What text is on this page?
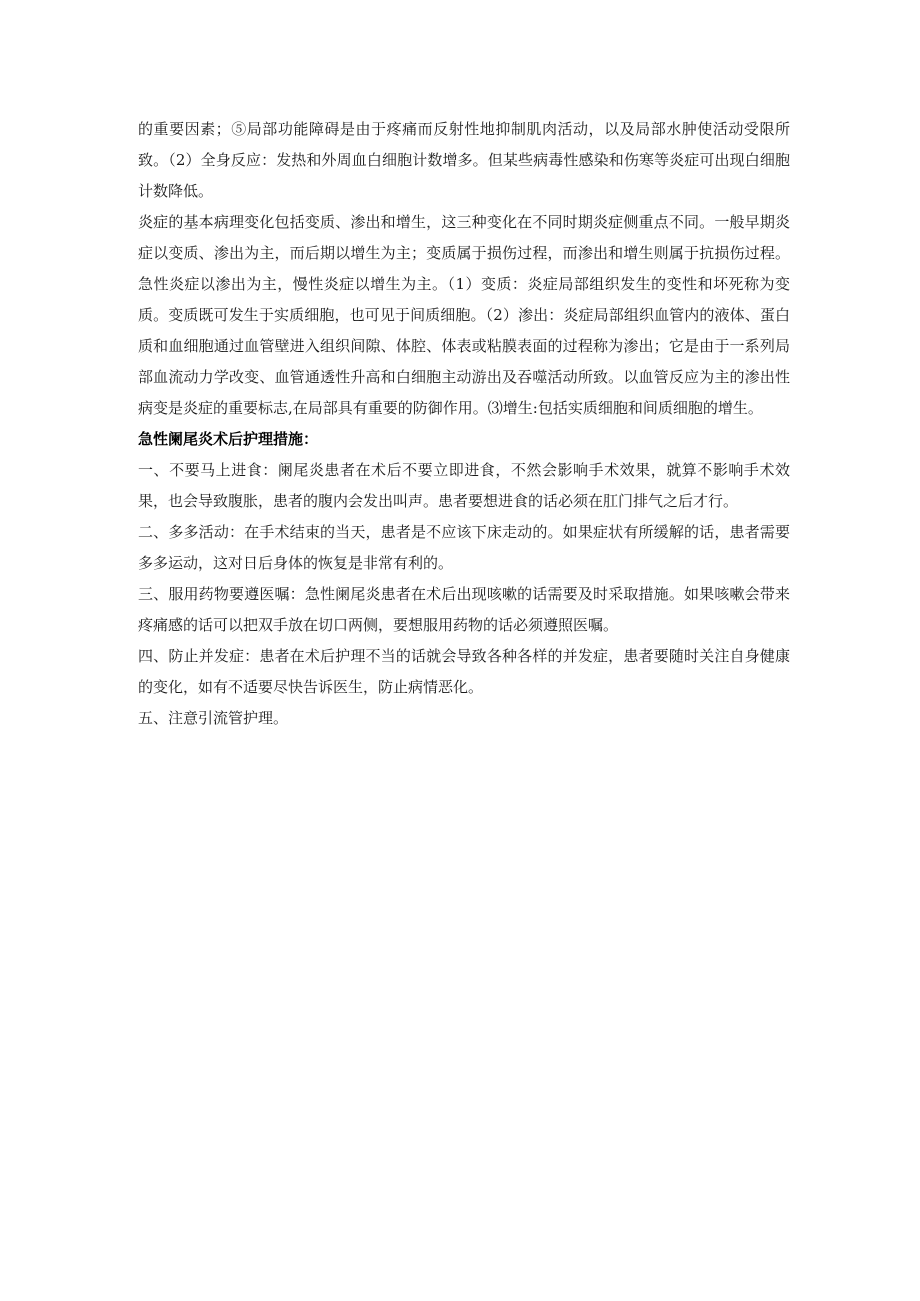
的重要因素；⑤局部功能障碍是由于疼痛而反射性地抑制肌肉活动，以及局部水肿使活动受限所致。（2）全身反应：发热和外周血白细胞计数增多。但某些病毒性感染和伤寒等炎症可出现白细胞计数降低。

炎症的基本病理变化包括变质、渗出和增生，这三种变化在不同时期炎症侧重点不同。一般早期炎症以变质、渗出为主，而后期以增生为主；变质属于损伤过程，而渗出和增生则属于抗损伤过程。急性炎症以渗出为主，慢性炎症以增生为主。（1）变质：炎症局部组织发生的变性和坏死称为变质。变质既可发生于实质细胞，也可见于间质细胞。（2）渗出：炎症局部组织血管内的液体、蛋白质和血细胞通过血管壁进入组织间隙、体腔、体表或粘膜表面的过程称为渗出；它是由于一系列局部血流动力学改变、血管通透性升高和白细胞主动游出及吞噬活动所致。以血管反应为主的渗出性病变是炎症的重要标志,在局部具有重要的防御作用。⑶增生:包括实质细胞和间质细胞的增生。

急性阑尾炎术后护理措施：

一、不要马上进食：阑尾炎患者在术后不要立即进食，不然会影响手术效果，就算不影响手术效果，也会导致腹胀，患者的腹内会发出叫声。患者要想进食的话必须在肛门排气之后才行。

二、多多活动：在手术结束的当天，患者是不应该下床走动的。如果症状有所缓解的话，患者需要多多运动，这对日后身体的恢复是非常有利的。

三、服用药物要遵医嘱：急性阑尾炎患者在术后出现咳嗽的话需要及时采取措施。如果咳嗽会带来疼痛感的话可以把双手放在切口两侧，要想服用药物的话必须遵照医嘱。

四、防止并发症：患者在术后护理不当的话就会导致各种各样的并发症，患者要随时关注自身健康的变化，如有不适要尽快告诉医生，防止病情恶化。

五、注意引流管护理。
